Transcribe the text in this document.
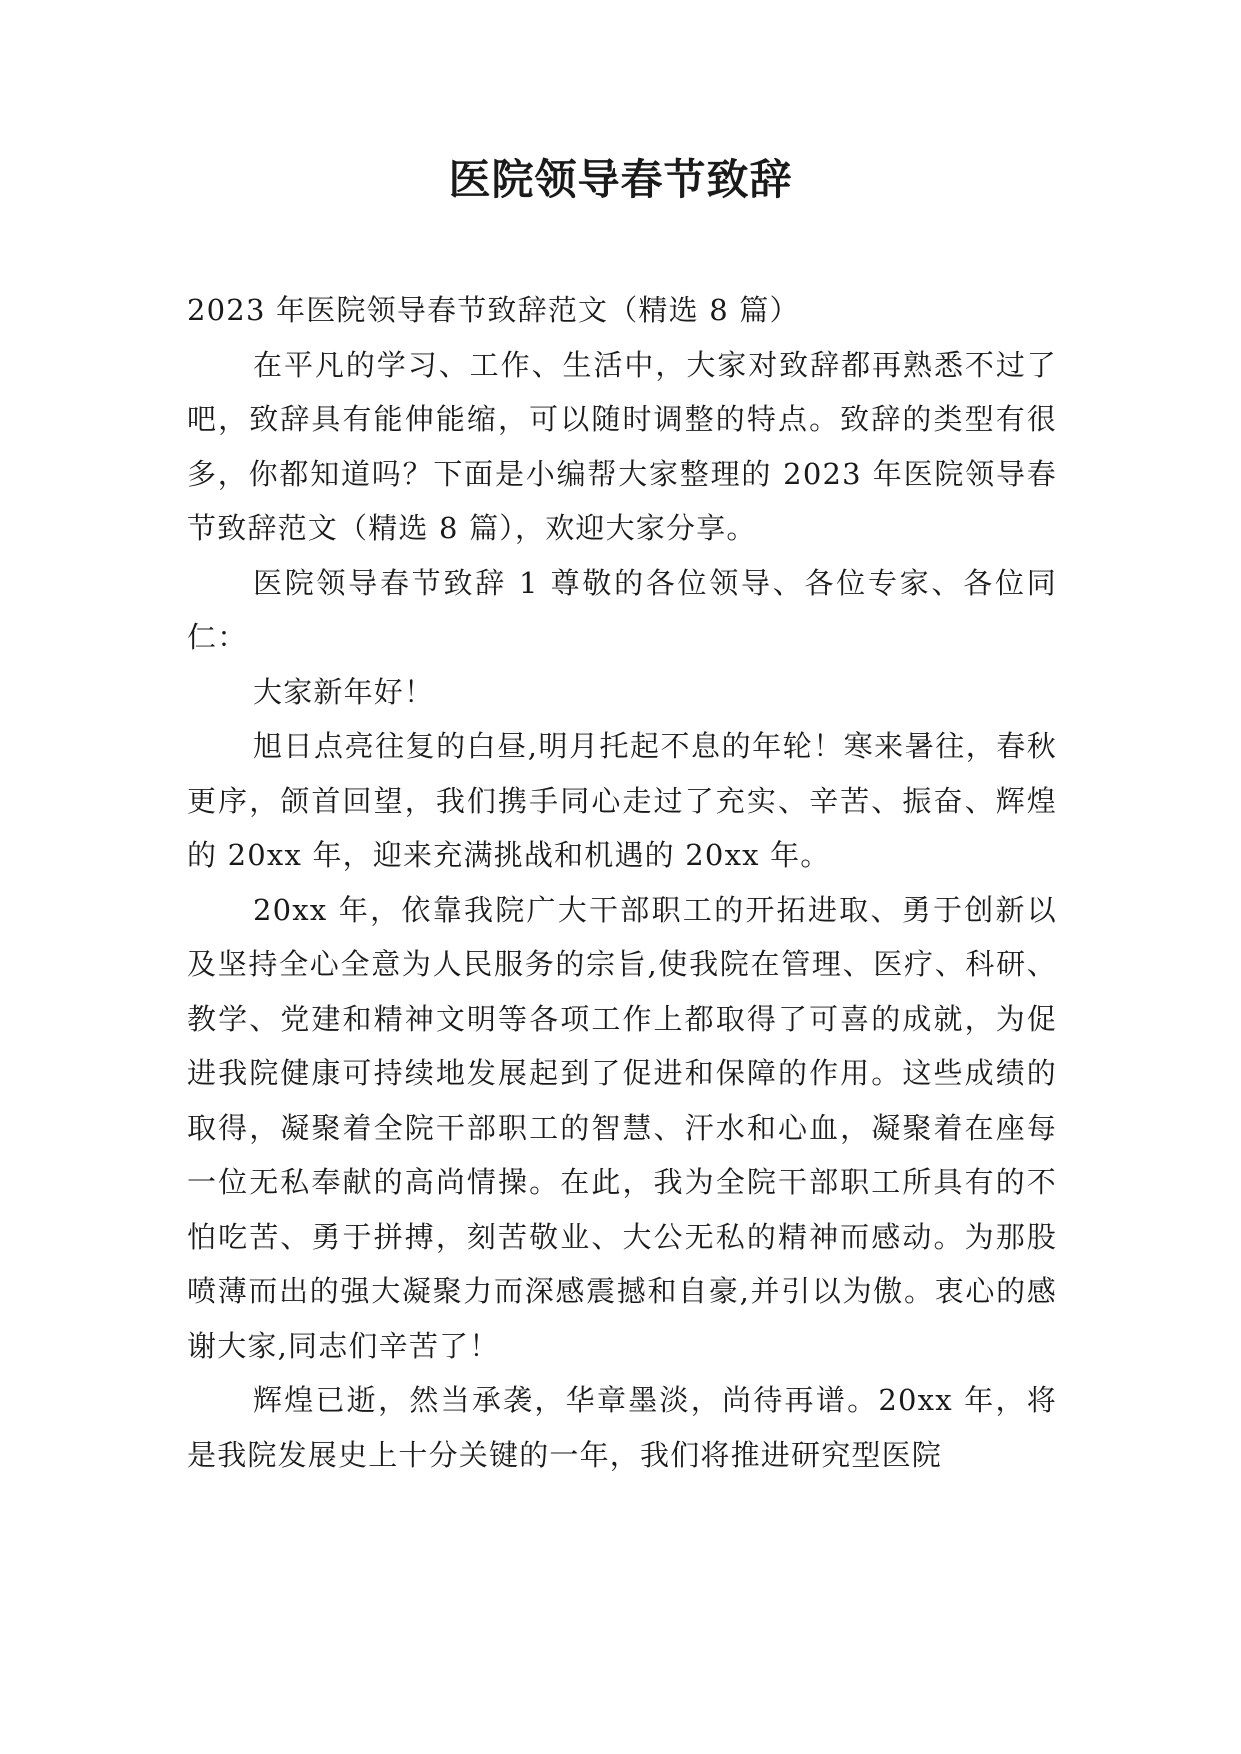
医院领导春节致辞

2023 年医院领导春节致辞范文（精选 8 篇）

在平凡的学习、工作、生活中，大家对致辞都再熟悉不过了吧，致辞具有能伸能缩，可以随时调整的特点。致辞的类型有很多，你都知道吗？下面是小编帮大家整理的 2023 年医院领导春节致辞范文（精选 8 篇），欢迎大家分享。

医院领导春节致辞 1 尊敬的各位领导、各位专家、各位同仁：

大家新年好！

旭日点亮往复的白昼,明月托起不息的年轮！寒来暑往，春秋更序，颌首回望，我们携手同心走过了充实、辛苦、振奋、辉煌的 20xx 年，迎来充满挑战和机遇的 20xx 年。

20xx 年，依靠我院广大干部职工的开拓进取、勇于创新以及坚持全心全意为人民服务的宗旨,使我院在管理、医疗、科研、教学、党建和精神文明等各项工作上都取得了可喜的成就，为促进我院健康可持续地发展起到了促进和保障的作用。这些成绩的取得，凝聚着全院干部职工的智慧、汗水和心血，凝聚着在座每一位无私奉献的高尚情操。在此，我为全院干部职工所具有的不怕吃苦、勇于拼搏，刻苦敬业、大公无私的精神而感动。为那股喷薄而出的强大凝聚力而深感震撼和自豪,并引以为傲。衷心的感谢大家,同志们辛苦了！

辉煌已逝，然当承袭，华章墨淡，尚待再谱。20xx 年，将是我院发展史上十分关键的一年，我们将推进研究型医院
